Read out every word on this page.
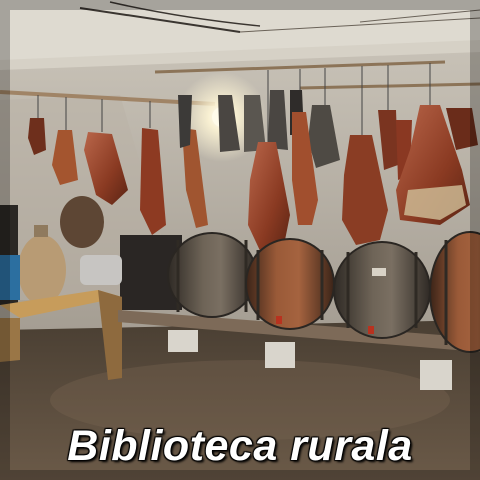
Biblioteca rurala
